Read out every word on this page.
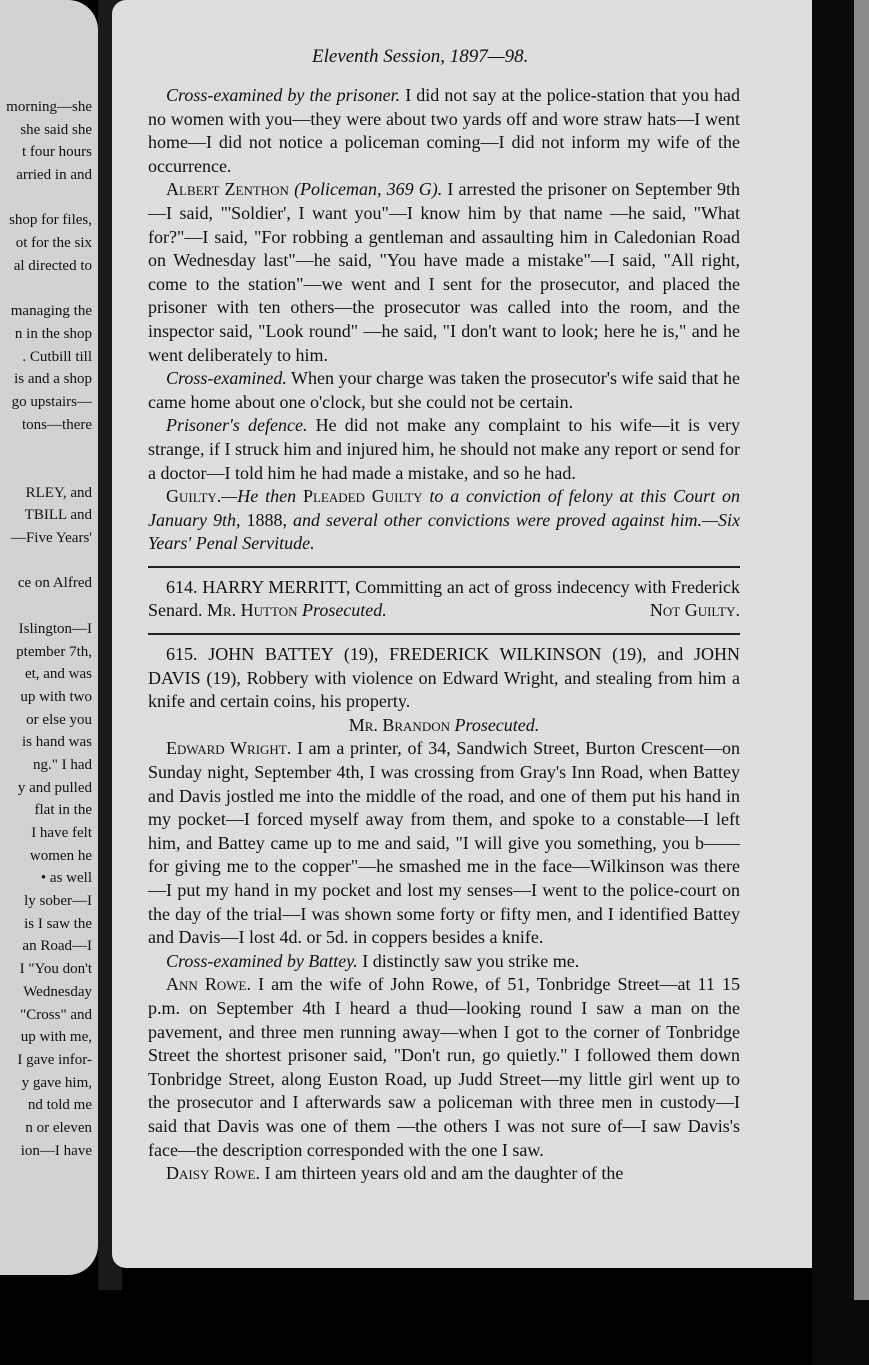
morning—she
she said she
t four hours
arried in and
shop for files,
ot for the six
al directed to
managing the
n in the shop
. Cutbill till
is and a shop
go upstairs—
tons—there
RLEY, and
TBILL and
—Five Years'
ce on Alfred
Islington—I
ptember 7th,
et, and was
up with two
or else you
is hand was
ng." I had
y and pulled
flat in the
I have felt
women he
• as well
ly sober—I
is I saw the
an Road—I
I "You don't
Wednesday
"Cross" and
up with me,
I gave infor-
y gave him,
nd told me
n or eleven
ion—I have
Eleventh Session, 1897—98.

Cross-examined by the prisoner. I did not say at the police-station that you had no women with you—they were about two yards off and wore straw hats—I went home—I did not notice a policeman coming—I did not inform my wife of the occurrence.

Albert Zenthon (Policeman, 369 G). I arrested the prisoner on September 9th—I said, "'Soldier', I want you"—I know him by that name —he said, "What for?"—I said, "For robbing a gentleman and assaulting him in Caledonian Road on Wednesday last"—he said, "You have made a mistake"—I said, "All right, come to the station"—we went and I sent for the prosecutor, and placed the prisoner with ten others—the prosecutor was called into the room, and the inspector said, "Look round" —he said, "I don't want to look; here he is," and he went deliberately to him.

Cross-examined. When your charge was taken the prosecutor's wife said that he came home about one o'clock, but she could not be certain.

Prisoner's defence. He did not make any complaint to his wife—it is very strange, if I struck him and injured him, he should not make any report or send for a doctor—I told him he had made a mistake, and so he had.

Guilty.—He then Pleaded Guilty to a conviction of felony at this Court on January 9th, 1888, and several other convictions were proved against him.—Six Years' Penal Servitude.

614. HARRY MERRITT, Committing an act of gross indecency with Frederick Senard. Mr. Hutton Prosecuted.	Not Guilty.

615. JOHN BATTEY (19), FREDERICK WILKINSON (19), and JOHN DAVIS (19), Robbery with violence on Edward Wright, and stealing from him a knife and certain coins, his property.

Mr. Brandon Prosecuted.

Edward Wright. I am a printer, of 34, Sandwich Street, Burton Crescent—on Sunday night, September 4th, I was crossing from Gray's Inn Road, when Battey and Davis jostled me into the middle of the road, and one of them put his hand in my pocket—I forced myself away from them, and spoke to a constable—I left him, and Battey came up to me and said, "I will give you something, you b—— for giving me to the copper"—he smashed me in the face—Wilkinson was there—I put my hand in my pocket and lost my senses—I went to the police-court on the day of the trial—I was shown some forty or fifty men, and I identified Battey and Davis—I lost 4d. or 5d. in coppers besides a knife.

Cross-examined by Battey. I distinctly saw you strike me.

Ann Rowe. I am the wife of John Rowe, of 51, Tonbridge Street—at 11 15 p.m. on September 4th I heard a thud—looking round I saw a man on the pavement, and three men running away—when I got to the corner of Tonbridge Street the shortest prisoner said, "Don't run, go quietly." I followed them down Tonbridge Street, along Euston Road, up Judd Street—my little girl went up to the prosecutor and I afterwards saw a policeman with three men in custody—I said that Davis was one of them —the others I was not sure of—I saw Davis's face—the description corresponded with the one I saw.

Daisy Rowe. I am thirteen years old and am the daughter of the
